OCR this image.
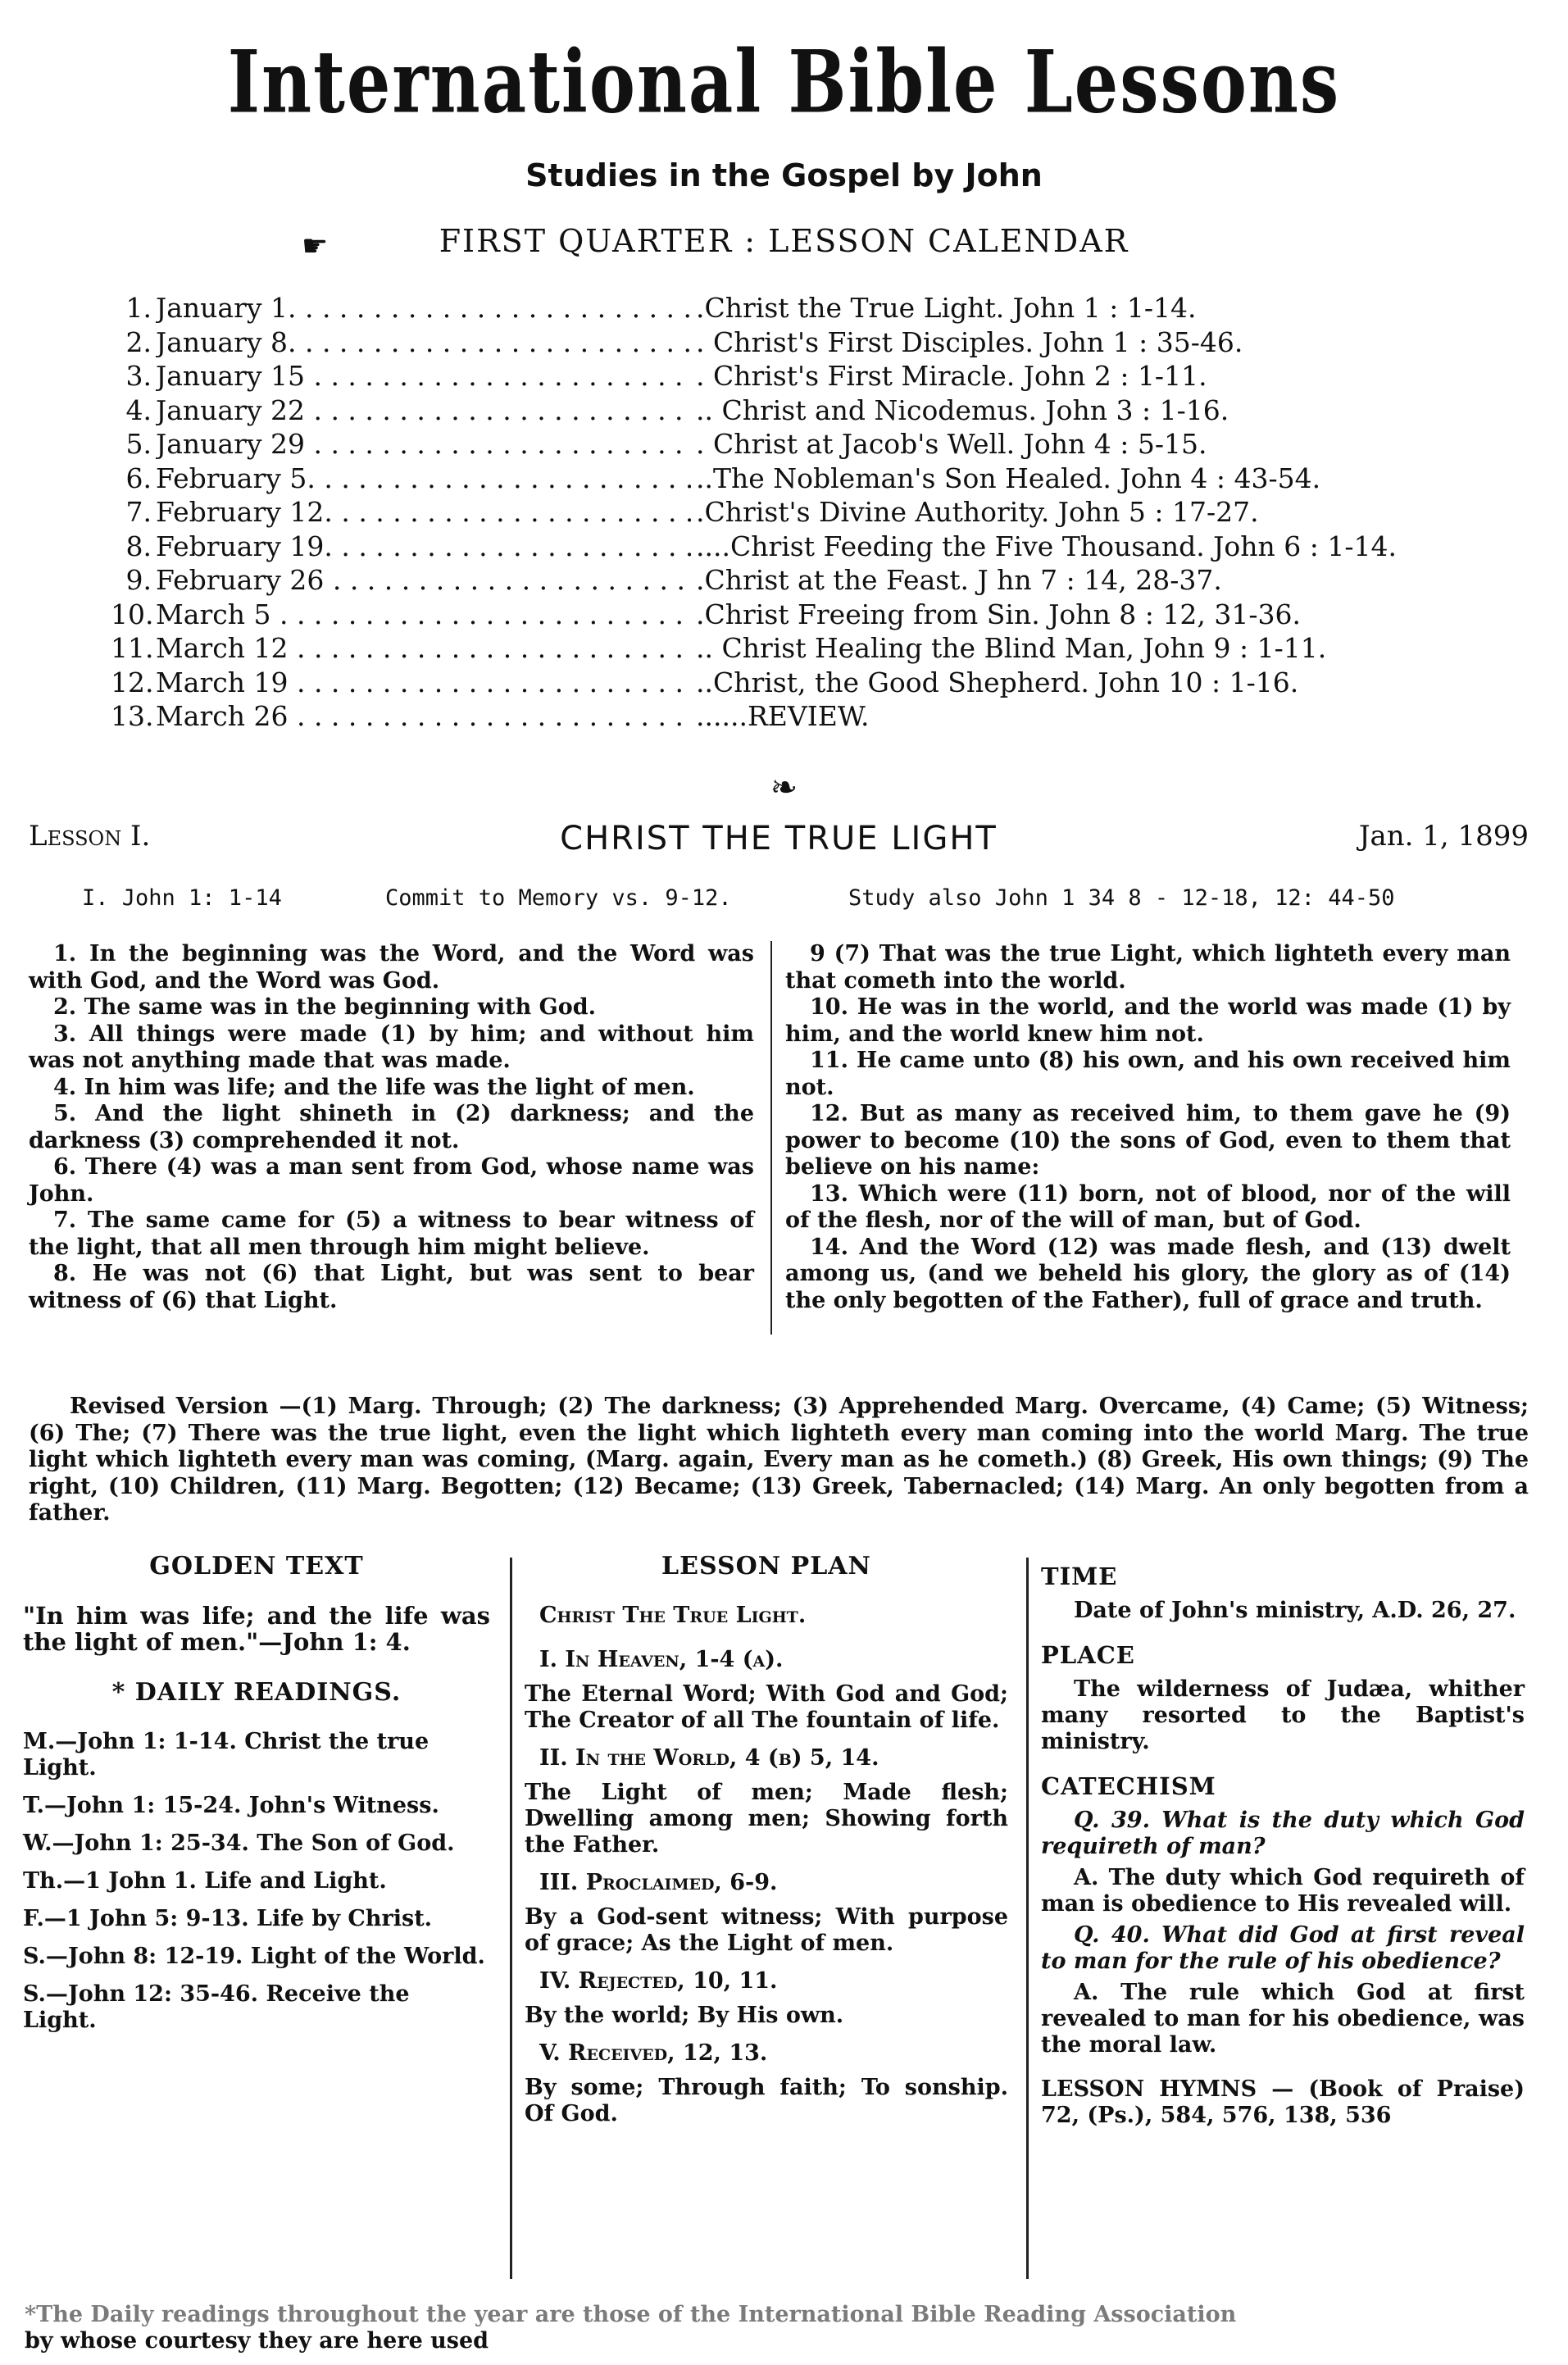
International Bible Lessons
Studies in the Gospel by John
☛	FIRST QUARTER : LESSON CALENDAR
1. January 1. . . .	.Christ the True Light. John 1 : 1-14.
2. January 8. . . .	. Christ's First Disciples. John 1 : 35-46.
3. January 15 . . .	. Christ's First Miracle. John 2 : 1-11.
4. January 22 . . .	.. Christ and Nicodemus. John 3 : 1-16.
5. January 29 . . .	. Christ at Jacob's Well. John 4 : 5-15.
6. February 5. . . .	..The Nobleman's Son Healed. John 4 : 43-54.
7. February 12. . . .	.Christ's Divine Authority. John 5 : 17-27.
8. February 19. . . .	....Christ Feeding the Five Thousand. John 6 : 1-14.
9. February 26 . . .	.Christ at the Feast. J hn 7 : 14, 28-37.
10. March 5 . . .	.Christ Freeing from Sin. John 8 : 12, 31-36.
11. March 12 . . .	.. Christ Healing the Blind Man, John 9 : 1-11.
12. March 19 . . .	..Christ, the Good Shepherd. John 10 : 1-16.
13. March 26 . . .	......REVIEW.
❧
CHRIST THE TRUE LIGHT
Lesson I.	Jan. 1, 1899
I. John 1: 1-14	Commit to Memory vs. 9-12.	Study also John 1 34 8 - 12-18, 12: 44-50

1. In the beginning was the Word, and the Word was with God, and the Word was God.

2. The same was in the beginning with God.

3. All things were made (1) by him; and without him was not anything made that was made.

4. In him was life; and the life was the light of men.

5. And the light shineth in (2) darkness; and the darkness (3) comprehended it not.

6. There (4) was a man sent from God, whose name was John.

7. The same came for (5) a witness to bear witness of the light, that all men through him might believe.

8. He was not (6) that Light, but was sent to bear witness of (6) that Light.

9 (7) That was the true Light, which lighteth every man that cometh into the world.

10. He was in the world, and the world was made (1) by him, and the world knew him not.

11. He came unto (8) his own, and his own received him not.

12. But as many as received him, to them gave he (9) power to become (10) the sons of God, even to them that believe on his name:

13. Which were (11) born, not of blood, nor of the will of the flesh, nor of the will of man, but of God.

14. And the Word (12) was made flesh, and (13) dwelt among us, (and we beheld his glory, the glory as of (14) the only begotten of the Father), full of grace and truth.

Revised Version —(1) Marg. Through; (2) The darkness; (3) Apprehended Marg. Overcame, (4) Came; (5) Witness; (6) The; (7) There was the true light, even the light which lighteth every man coming into the world Marg. The true light which lighteth every man was coming, (Marg. again, Every man as he cometh.) (8) Greek, His own things; (9) The right, (10) Children, (11) Marg. Begotten; (12) Became; (13) Greek, Tabernacled; (14) Marg. An only begotten from a father.
GOLDEN TEXT
"In him was life; and the life was the light of men."—John 1: 4.
* DAILY READINGS.
M.—John 1: 1-14. Christ the true Light.
T.—John 1: 15-24. John's Witness.
W.—John 1: 25-34. The Son of God.
Th.—1 John 1. Life and Light.
F.—1 John 5: 9-13. Life by Christ.
S.—John 8: 12-19. Light of the World.
S.—John 12: 35-46. Receive the Light.
LESSON PLAN
Christ The True Light.
I. In Heaven, 1-4 (a).
The Eternal Word; With God and God; The Creator of all The fountain of life.
II. In the World, 4 (b) 5, 14.
The Light of men; Made flesh; Dwelling among men; Showing forth the Father.
III. Proclaimed, 6-9.
By a God-sent witness; With purpose of grace; As the Light of men.
IV. Rejected, 10, 11.
By the world; By His own.
V. Received, 12, 13.
By some; Through faith; To sonship. Of God.
TIME
Date of John's ministry, A.D. 26, 27.
PLACE
The wilderness of Judæa, whither many resorted to the Baptist's ministry.
CATECHISM
Q. 39. What is the duty which God requireth of man?
A. The duty which God requireth of man is obedience to His revealed will.
Q. 40. What did God at first reveal to man for the rule of his obedience?
A. The rule which God at first revealed to man for his obedience, was the moral law.
LESSON HYMNS — (Book of Praise) 72, (Ps.), 584, 576, 138, 536
*The Daily readings throughout the year are those of the International Bible Reading Association
by whose courtesy they are here used
